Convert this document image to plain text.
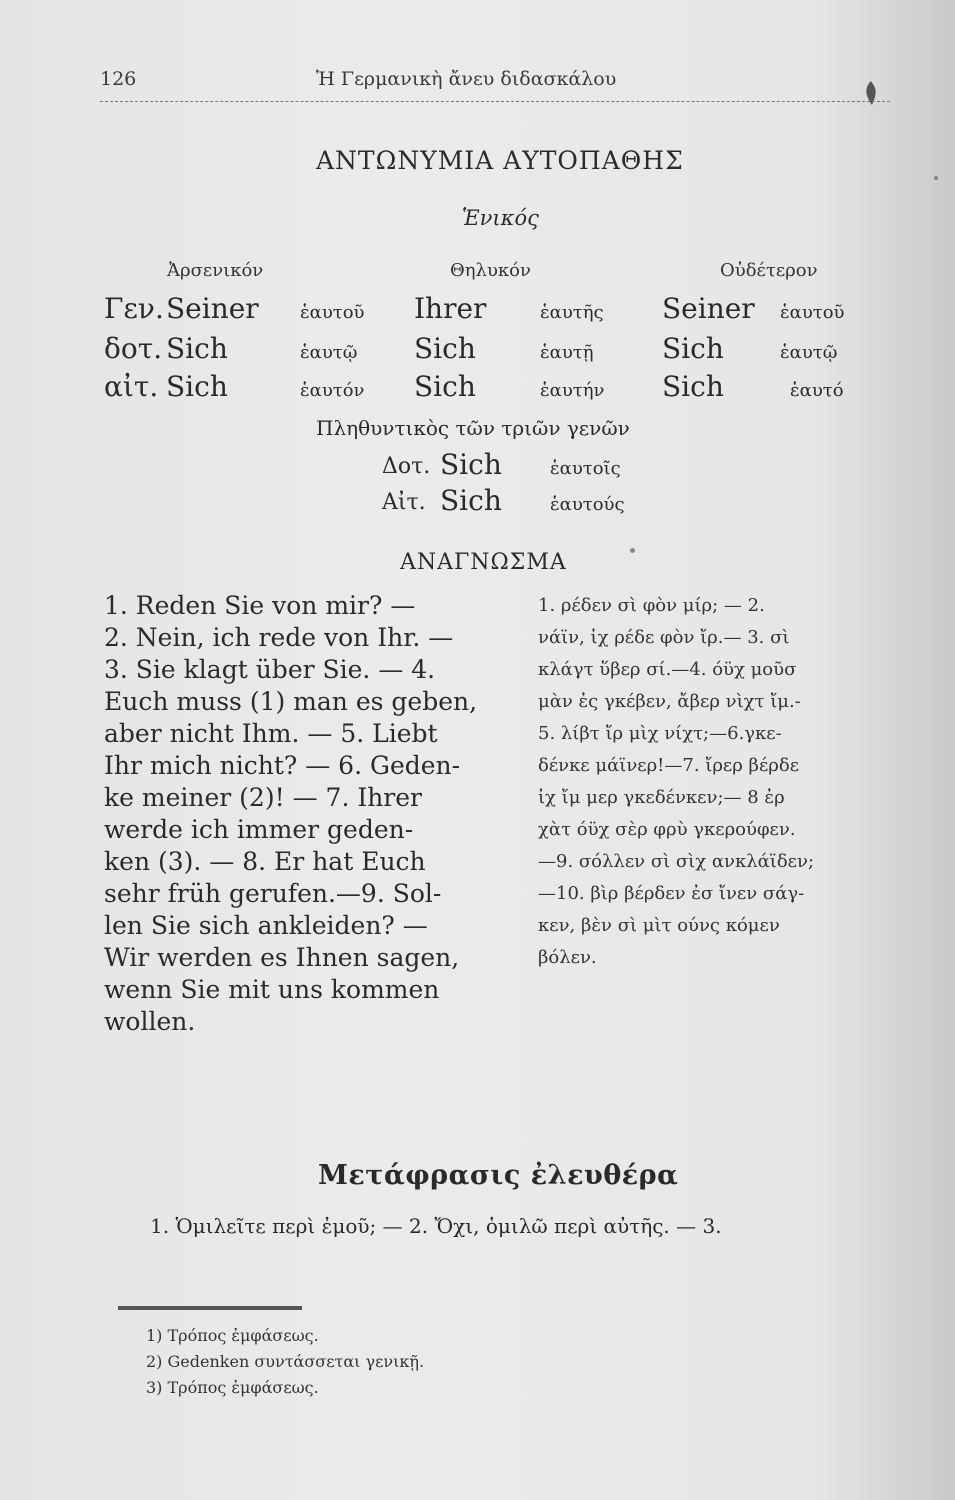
126	Ἡ Γερμανικὴ ἄνευ διδασκάλου
ΑΝΤΩΝΥΜΙΑ ΑΥΤΟΠΑΘΗΣ
Ἑνικός
Ἀρσενικόν	Θηλυκόν	Οὐδέτερον
Γεν. Seiner ἑαυτοῦ Ihrer	ἑαυτῆς Seiner ἑαυτοῦ
δοτ. Sich	ἑαυτῷ Sich	ἑαυτῇ Sich	ἑαυτῷ
αἰτ. Sich	ἑαυτόν Sich	ἑαυτήν Sich	ἑαυτό
Πληθυντικὸς τῶν τριῶν γενῶν
Δοτ. Sich	ἑαυτοῖς
Αἰτ. Sich	ἑαυτούς
ΑΝΑΓΝΩΣΜΑ
1. Reden Sie von mir? —
2. Nein, ich rede von Ihr. —
3. Sie klagt über Sie. — 4.
Euch muss (1) man es geben,
aber nicht Ihm. — 5. Liebt
Ihr mich nicht? — 6. Geden-
ke meiner (2)! — 7. Ihrer
werde ich immer geden-
ken (3). — 8. Er hat Euch
sehr früh gerufen.—9. Sol-
len Sie sich ankleiden? —
Wir werden es Ihnen sagen,
wenn Sie mit uns kommen
wollen.
1. ρέδεν σὶ φὸν μίρ; — 2.
νάϊν, ἰχ ρέδε φὸν ἴρ.— 3. σὶ
κλάγτ ὕβερ σί.—4. όϋχ μοῦσ
μὰν ἐς γκέβεν, ἄβερ νὶχτ ἴμ.-
5. λίβτ ἴρ μὶχ νίχτ;—6.γκε-
δένκε μάϊνερ!—7. ἴρερ βέρδε
ἰχ ἴμ μερ γκεδένκεν;— 8 ἐρ
χὰτ όϋχ σὲρ φρὺ γκερούφεν.
—9. σόλλεν σὶ σὶχ ανκλάϊδεν;
—10. βὶρ βέρδεν ἐσ ἴνεν σάγ-
κεν, βὲν σὶ μὶτ ούνς κόμεν
βόλεν.
Μετάφρασις ἐλευθέρα
1. Ὁμιλεῖτε περὶ ἐμοῦ; — 2. Ὄχι, ὁμιλῶ περὶ αὐτῆς. — 3.
1) Τρόπος ἐμφάσεως.
2) Gedenken συντάσσεται γενικῇ.
3) Τρόπος ἐμφάσεως.
